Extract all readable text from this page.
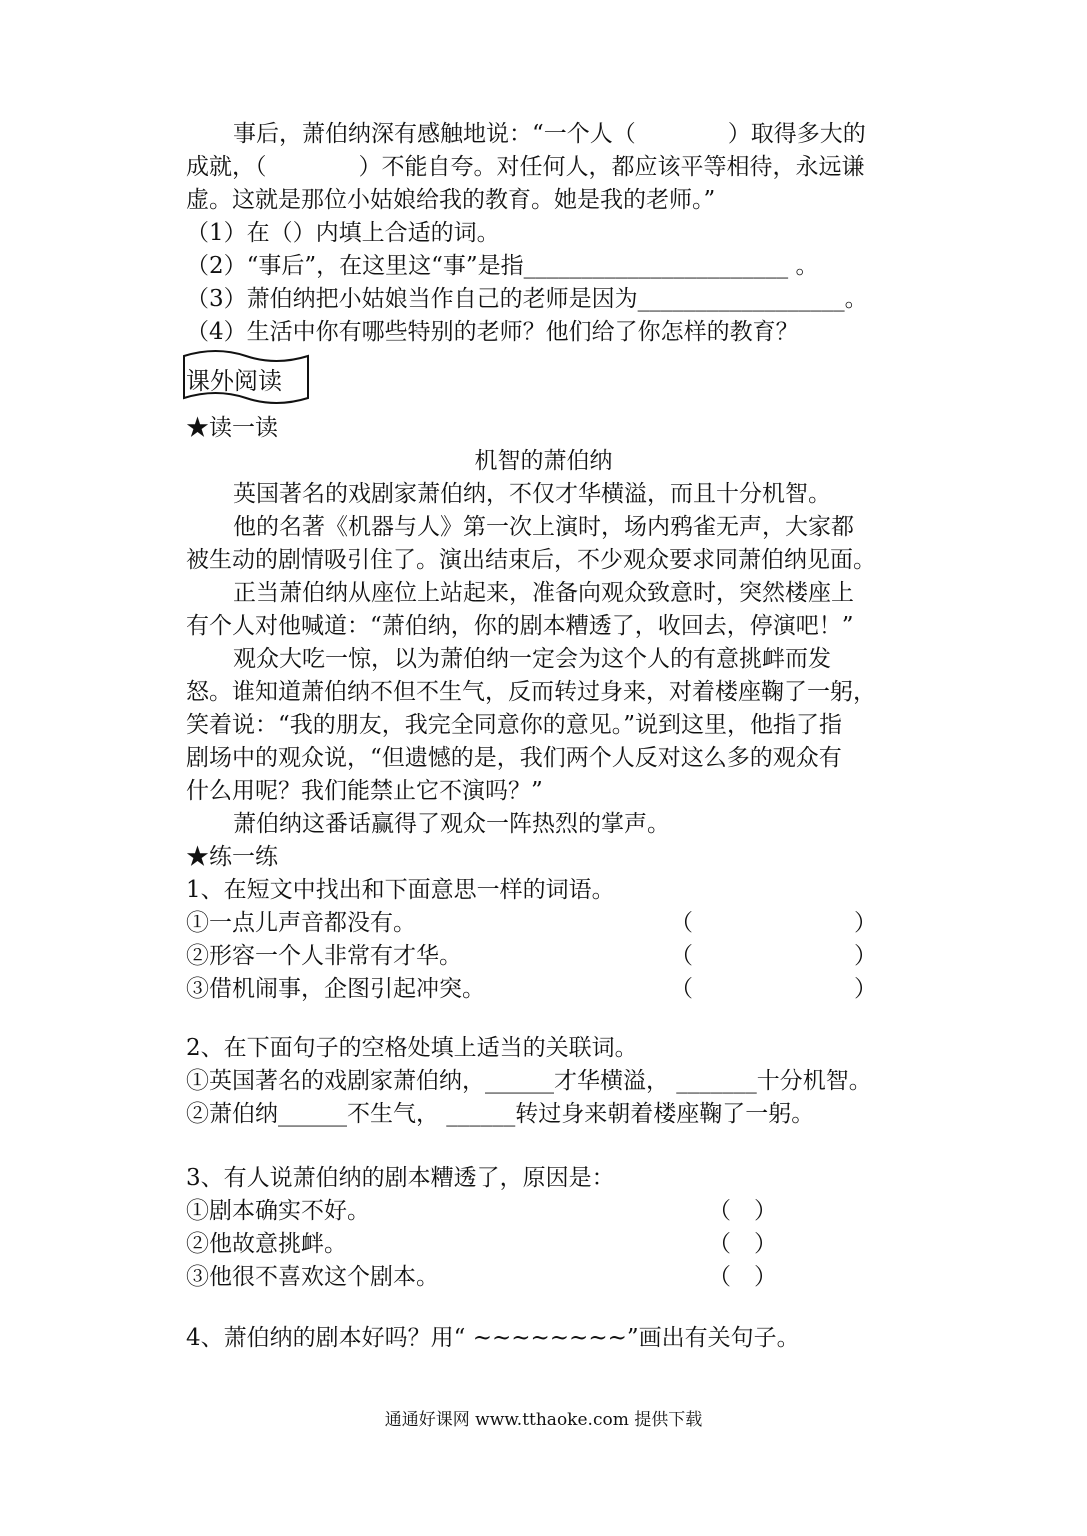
事后，萧伯纳深有感触地说：“一个人（　　　　）取得多大的
成就，（　　　　）不能自夸。对任何人，都应该平等相待，永远谦
虚。这就是那位小姑娘给我的教育。她是我的老师。”
（1）在（）内填上合适的词。
（2）“事后”，在这里这“事”是指_______________________ 。
（3）萧伯纳把小姑娘当作自己的老师是因为__________________。
（4）生活中你有哪些特别的老师？他们给了你怎样的教育？
课外阅读
★读一读
机智的萧伯纳
英国著名的戏剧家萧伯纳，不仅才华横溢，而且十分机智。
他的名著《机器与人》第一次上演时，场内鸦雀无声，大家都
被生动的剧情吸引住了。演出结束后，不少观众要求同萧伯纳见面。
正当萧伯纳从座位上站起来，准备向观众致意时，突然楼座上
有个人对他喊道：“萧伯纳，你的剧本糟透了，收回去，停演吧！”
观众大吃一惊，以为萧伯纳一定会为这个人的有意挑衅而发
怒。谁知道萧伯纳不但不生气，反而转过身来，对着楼座鞠了一躬，
笑着说：“我的朋友，我完全同意你的意见。”说到这里，他指了指
剧场中的观众说，“但遗憾的是，我们两个人反对这么多的观众有
什么用呢？我们能禁止它不演吗？”
萧伯纳这番话赢得了观众一阵热烈的掌声。
★练一练
1、在短文中找出和下面意思一样的词语。
①一点儿声音都没有。	（　　　　　　　）
②形容一个人非常有才华。	（　　　　　　　）
③借机闹事，企图引起冲突。	（　　　　　　　）
2、在下面句子的空格处填上适当的关联词。
①英国著名的戏剧家萧伯纳，______才华横溢， _______十分机智。
②萧伯纳______不生气， ______转过身来朝着楼座鞠了一躬。
3、有人说萧伯纳的剧本糟透了，原因是：
①剧本确实不好。	（　）
②他故意挑衅。	（　）
③他很不喜欢这个剧本。	（　）
4、萧伯纳的剧本好吗？用“ ~~~~~~~~”画出有关句子。
通通好课网 www.tthaoke.com 提供下载
